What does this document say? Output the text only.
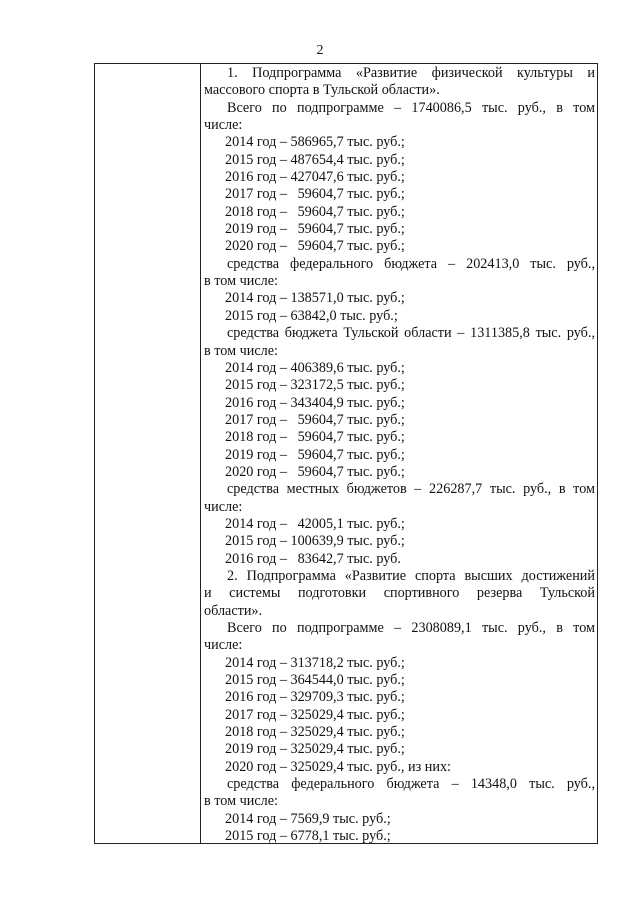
2
1. Подпрограмма «Развитие физической культуры и
массового спорта в Тульской области».
Всего по подпрограмме – 1740086,5 тыс. руб., в том
числе:
2014 год – 586965,7 тыс. руб.;
2015 год – 487654,4 тыс. руб.;
2016 год – 427047,6 тыс. руб.;
2017 год –   59604,7 тыс. руб.;
2018 год –   59604,7 тыс. руб.;
2019 год –   59604,7 тыс. руб.;
2020 год –   59604,7 тыс. руб.;
средства федерального бюджета – 202413,0 тыс. руб.,
в том числе:
2014 год – 138571,0 тыс. руб.;
2015 год – 63842,0 тыс. руб.;
средства бюджета Тульской области – 1311385,8 тыс. руб.,
в том числе:
2014 год – 406389,6 тыс. руб.;
2015 год – 323172,5 тыс. руб.;
2016 год – 343404,9 тыс. руб.;
2017 год –   59604,7 тыс. руб.;
2018 год –   59604,7 тыс. руб.;
2019 год –   59604,7 тыс. руб.;
2020 год –   59604,7 тыс. руб.;
средства местных бюджетов – 226287,7 тыс. руб., в том
числе:
2014 год –   42005,1 тыс. руб.;
2015 год – 100639,9 тыс. руб.;
2016 год –   83642,7 тыс. руб.
2. Подпрограмма «Развитие спорта высших достижений
и системы подготовки спортивного резерва Тульской
области».
Всего по подпрограмме – 2308089,1 тыс. руб., в том
числе:
2014 год – 313718,2 тыс. руб.;
2015 год – 364544,0 тыс. руб.;
2016 год – 329709,3 тыс. руб.;
2017 год – 325029,4 тыс. руб.;
2018 год – 325029,4 тыс. руб.;
2019 год – 325029,4 тыс. руб.;
2020 год – 325029,4 тыс. руб., из них:
средства федерального бюджета – 14348,0 тыс. руб.,
в том числе:
2014 год – 7569,9 тыс. руб.;
2015 год – 6778,1 тыс. руб.;
